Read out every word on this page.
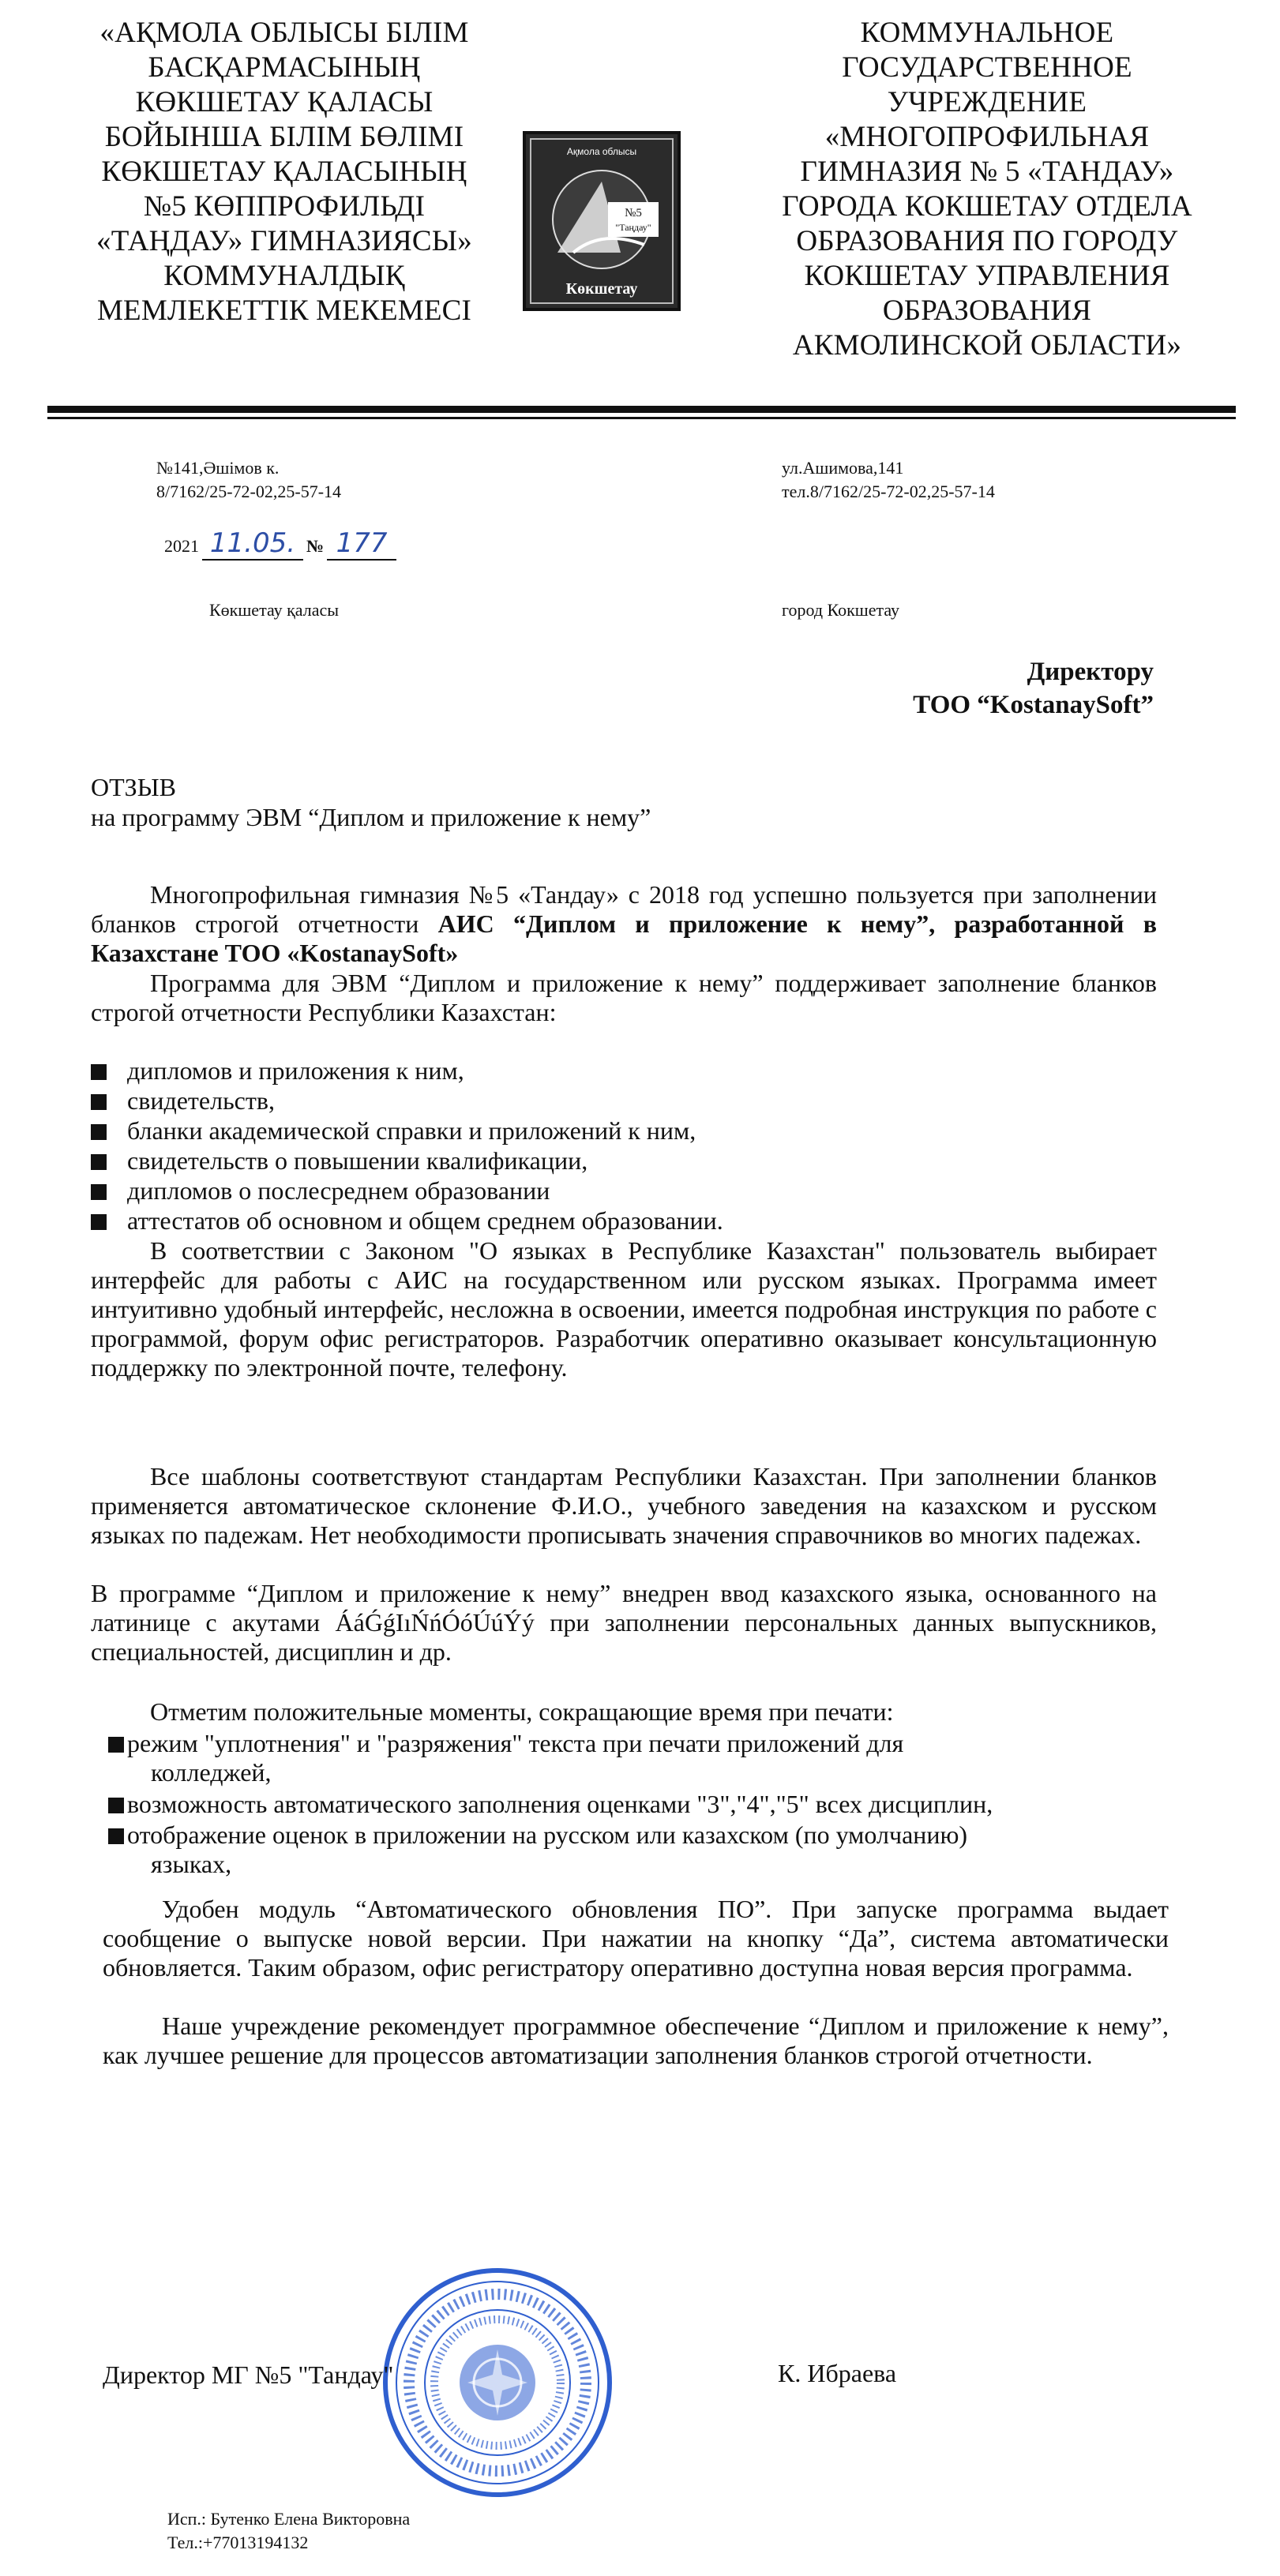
«АҚМОЛА ОБЛЫСЫ БІЛІМ
БАСҚАРМАСЫНЫҢ
КӨКШЕТАУ ҚАЛАСЫ
БОЙЫНША БІЛІМ БӨЛІМІ
КӨКШЕТАУ ҚАЛАСЫНЫҢ
№5 КӨППРОФИЛЬДІ
«ТАҢДАУ» ГИМНАЗИЯСЫ»
КОММУНАЛДЫҚ
МЕМЛЕКЕТТІК МЕКЕМЕСІ
Ақмола облысы
№5
"Таңдау"
Көкшетау
КОММУНАЛЬНОЕ
ГОСУДАРСТВЕННОЕ
УЧРЕЖДЕНИЕ
«МНОГОПРОФИЛЬНАЯ
ГИМНАЗИЯ № 5 «ТАНДАУ»
ГОРОДА КОКШЕТАУ ОТДЕЛА
ОБРАЗОВАНИЯ ПО ГОРОДУ
КОКШЕТАУ УПРАВЛЕНИЯ
ОБРАЗОВАНИЯ
АКМОЛИНСКОЙ ОБЛАСТИ»
№141,Әшімов к.
8/7162/25-72-02,25-57-14
ул.Ашимова,141
тел.8/7162/25-72-02,25-57-14
2021 11.05. № 177
Көкшетау қаласы	город Кокшетау
Директору
ТОО “KostanaySoft”
ОТЗЫВ
на программу ЭВМ “Диплом и приложение к нему”
Многопрофильная гимназия №5 «Тандау» с 2018 год успешно пользуется при заполнении бланков строгой отчетности АИС “Диплом и приложение к нему”, разработанной в Казахстане ТОО «KostanaySoft»
Программа для ЭВМ “Диплом и приложение к нему” поддерживает заполнение бланков строгой отчетности Республики Казахстан:
дипломов и приложения к ним,
свидетельств,
бланки академической справки и приложений к ним,
свидетельств о повышении квалификации,
дипломов о послесреднем образовании
аттестатов об основном и общем среднем образовании.
В соответствии с Законом "О языках в Республике Казахстан" пользователь выбирает интерфейс для работы с АИС на государственном или русском языках. Программа имеет интуитивно удобный интерфейс, несложна в освоении, имеется подробная инструкция по работе с программой, форум офис регистраторов. Разработчик оперативно оказывает консультационную поддержку по электронной почте, телефону.
Все шаблоны соответствуют стандартам Республики Казахстан. При заполнении бланков применяется автоматическое склонение Ф.И.О., учебного заведения на казахском и русском языках по падежам. Нет необходимости прописывать значения справочников во многих падежах.
В программе “Диплом и приложение к нему” внедрен ввод казахского языка, основанного на латинице с акутами ÁáǴǵIıŃńÓóÚúÝý при заполнении персональных данных выпускников, специальностей, дисциплин и др.
Отметим положительные моменты, сокращающие время при печати:
режим "уплотнения" и "разряжения" текста при печати приложений для
колледжей,
возможность автоматического заполнения оценками "3","4","5" всех дисциплин,
отображение оценок в приложении на русском или казахском (по умолчанию)
языках,
Удобен модуль “Автоматического обновления ПО”. При запуске программа выдает сообщение о выпуске новой версии. При нажатии на кнопку “Да”, система автоматически обновляется. Таким образом, офис регистратору оперативно доступна новая версия программа.
Наше учреждение рекомендует программное обеспечение “Диплом и приложение к нему”, как лучшее решение для процессов автоматизации заполнения бланков строгой отчетности.
Директор МГ №5 "Тандау"	К. Ибраева
Исп.: Бутенко Елена Викторовна
Тел.:+77013194132
